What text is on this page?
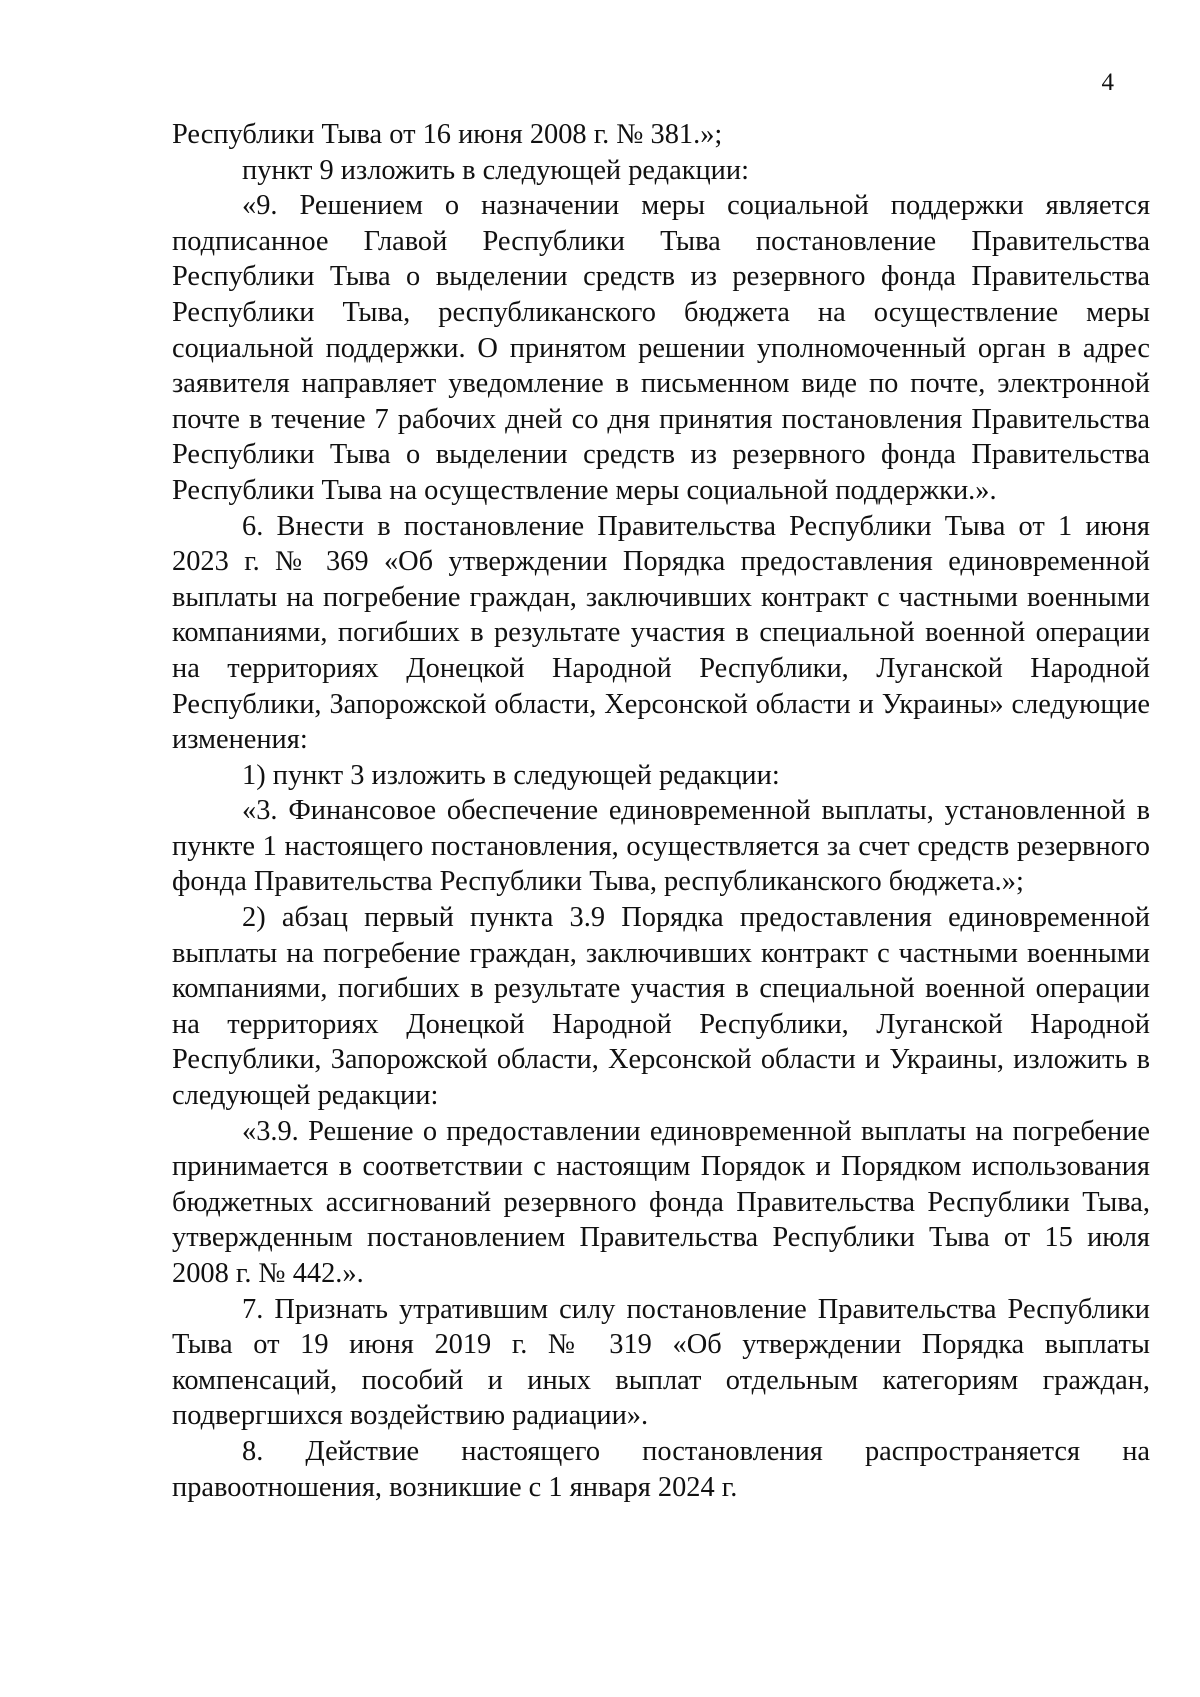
4

Республики Тыва от 16 июня 2008 г. № 381.»;

пункт 9 изложить в следующей редакции:

«9. Решением о назначении меры социальной поддержки является подписанное Главой Республики Тыва постановление Правительства Республики Тыва о выделении средств из резервного фонда Правительства Республики Тыва, республиканского бюджета на осуществление меры социальной поддержки. О принятом решении уполномоченный орган в адрес заявителя направляет уведомление в письменном виде по почте, электронной почте в течение 7 рабочих дней со дня принятия постановления Правительства Республики Тыва о выделении средств из резервного фонда Правительства Республики Тыва на осуществление меры социальной поддержки.».

6. Внести в постановление Правительства Республики Тыва от 1 июня 2023 г. № 369 «Об утверждении Порядка предоставления единовременной выплаты на погребение граждан, заключивших контракт с частными военными компаниями, погибших в результате участия в специальной военной операции на территориях Донецкой Народной Республики, Луганской Народной Республики, Запорожской области, Херсонской области и Украины» следующие изменения:

1) пункт 3 изложить в следующей редакции:

«3. Финансовое обеспечение единовременной выплаты, установленной в пункте 1 настоящего постановления, осуществляется за счет средств резервного фонда Правительства Республики Тыва, республиканского бюджета.»;

2) абзац первый пункта 3.9 Порядка предоставления единовременной выплаты на погребение граждан, заключивших контракт с частными военными компаниями, погибших в результате участия в специальной военной операции на территориях Донецкой Народной Республики, Луганской Народной Республики, Запорожской области, Херсонской области и Украины, изложить в следующей редакции:

«3.9. Решение о предоставлении единовременной выплаты на погребение принимается в соответствии с настоящим Порядок и Порядком использования бюджетных ассигнований резервного фонда Правительства Республики Тыва, утвержденным постановлением Правительства Республики Тыва от 15 июля 2008 г. № 442.».

7. Признать утратившим силу постановление Правительства Республики Тыва от 19 июня 2019 г. № 319 «Об утверждении Порядка выплаты компенсаций, пособий и иных выплат отдельным категориям граждан, подвергшихся воздействию радиации».

8. Действие настоящего постановления распространяется на правоотношения, возникшие с 1 января 2024 г.
